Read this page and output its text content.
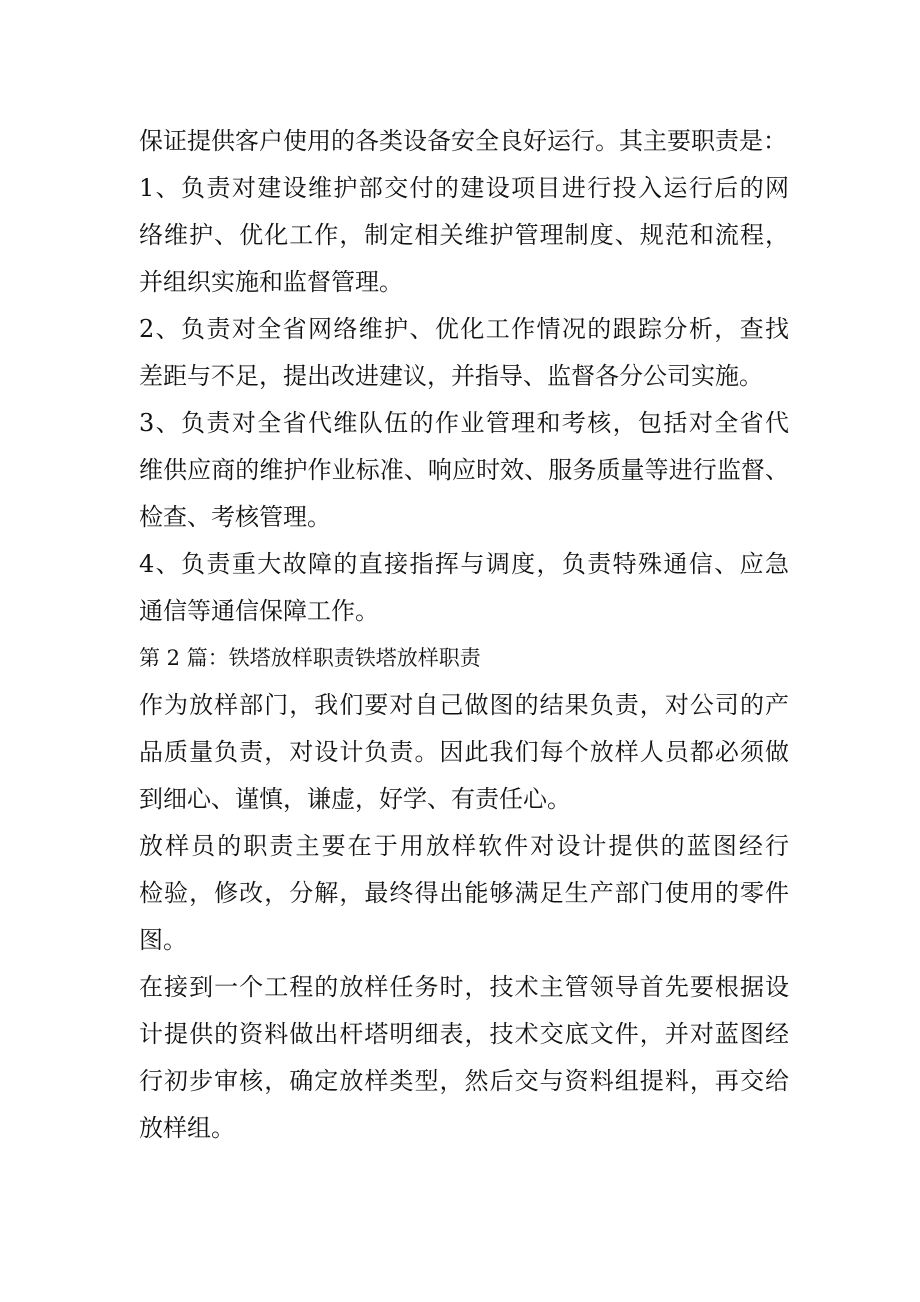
保证提供客户使用的各类设备安全良好运行。其主要职责是：
1、负责对建设维护部交付的建设项目进行投入运行后的网
络维护、优化工作，制定相关维护管理制度、规范和流程，
并组织实施和监督管理。
2、负责对全省网络维护、优化工作情况的跟踪分析，查找
差距与不足，提出改进建议，并指导、监督各分公司实施。
3、负责对全省代维队伍的作业管理和考核，包括对全省代
维供应商的维护作业标准、响应时效、服务质量等进行监督、
检查、考核管理。
4、负责重大故障的直接指挥与调度，负责特殊通信、应急
通信等通信保障工作。
第 2 篇：铁塔放样职责铁塔放样职责
作为放样部门，我们要对自己做图的结果负责，对公司的产
品质量负责，对设计负责。因此我们每个放样人员都必须做
到细心、谨慎，谦虚，好学、有责任心。
放样员的职责主要在于用放样软件对设计提供的蓝图经行
检验，修改，分解，最终得出能够满足生产部门使用的零件
图。
在接到一个工程的放样任务时，技术主管领导首先要根据设
计提供的资料做出杆塔明细表，技术交底文件，并对蓝图经
行初步审核，确定放样类型，然后交与资料组提料，再交给
放样组。
